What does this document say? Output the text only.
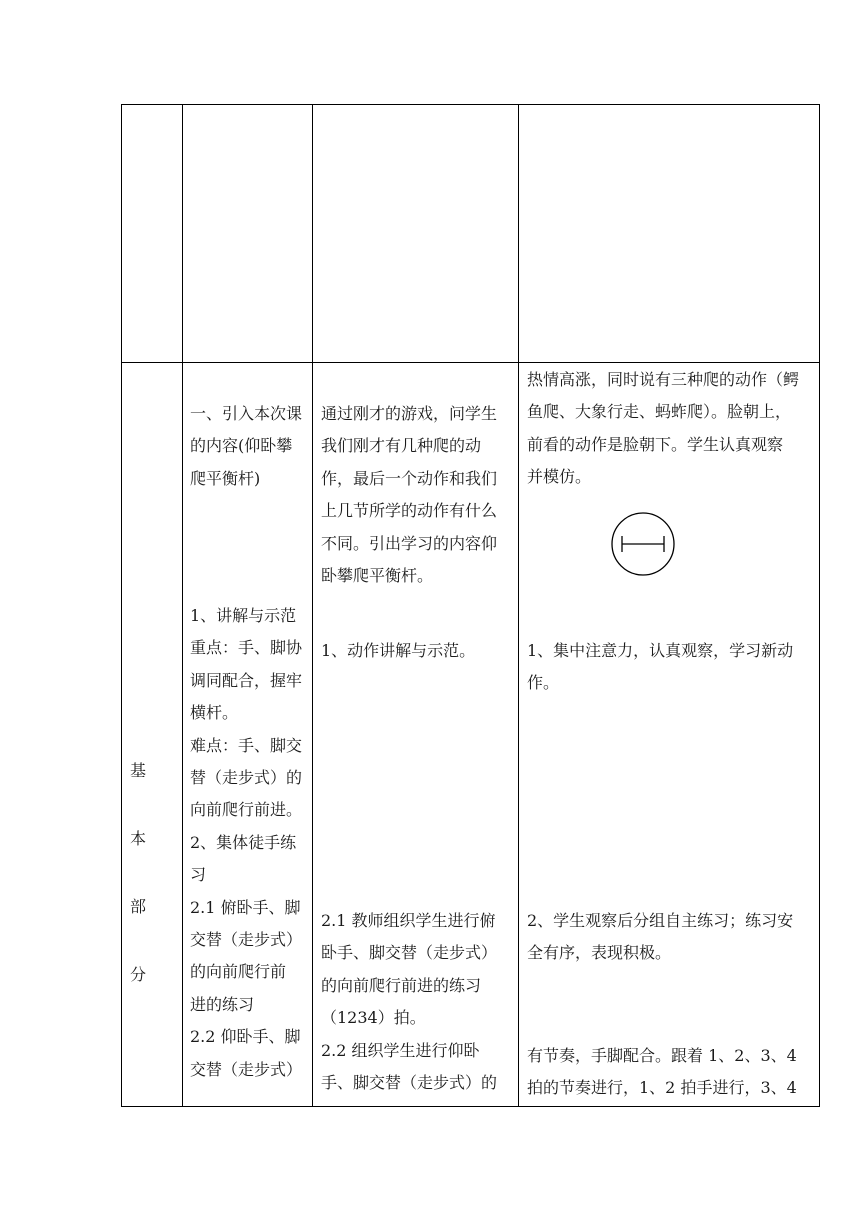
基
本
部
分
一、引入本次课
的内容(仰卧攀
爬平衡杆)
1、讲解与示范
重点：手、脚协
调同配合，握牢
横杆。
难点：手、脚交
替（走步式）的
向前爬行前进。
2、集体徒手练
习
2.1 俯卧手、脚
交替（走步式）
的向前爬行前
进的练习
2.2 仰卧手、脚
交替（走步式）
通过刚才的游戏，问学生
我们刚才有几种爬的动
作，最后一个动作和我们
上几节所学的动作有什么
不同。引出学习的内容仰
卧攀爬平衡杆。
1、动作讲解与示范。
2.1 教师组织学生进行俯
卧手、脚交替（走步式）
的向前爬行前进的练习
（1234）拍。
2.2 组织学生进行仰卧
手、脚交替（走步式）的
热情高涨，同时说有三种爬的动作（鳄
鱼爬、大象行走、蚂蚱爬）。脸朝上，
前看的动作是脸朝下。学生认真观察
并模仿。
1、集中注意力，认真观察，学习新动
作。
2、学生观察后分组自主练习；练习安
全有序，表现积极。
有节奏，手脚配合。跟着 1、2、3、4
拍的节奏进行，1、2 拍手进行，3、4
